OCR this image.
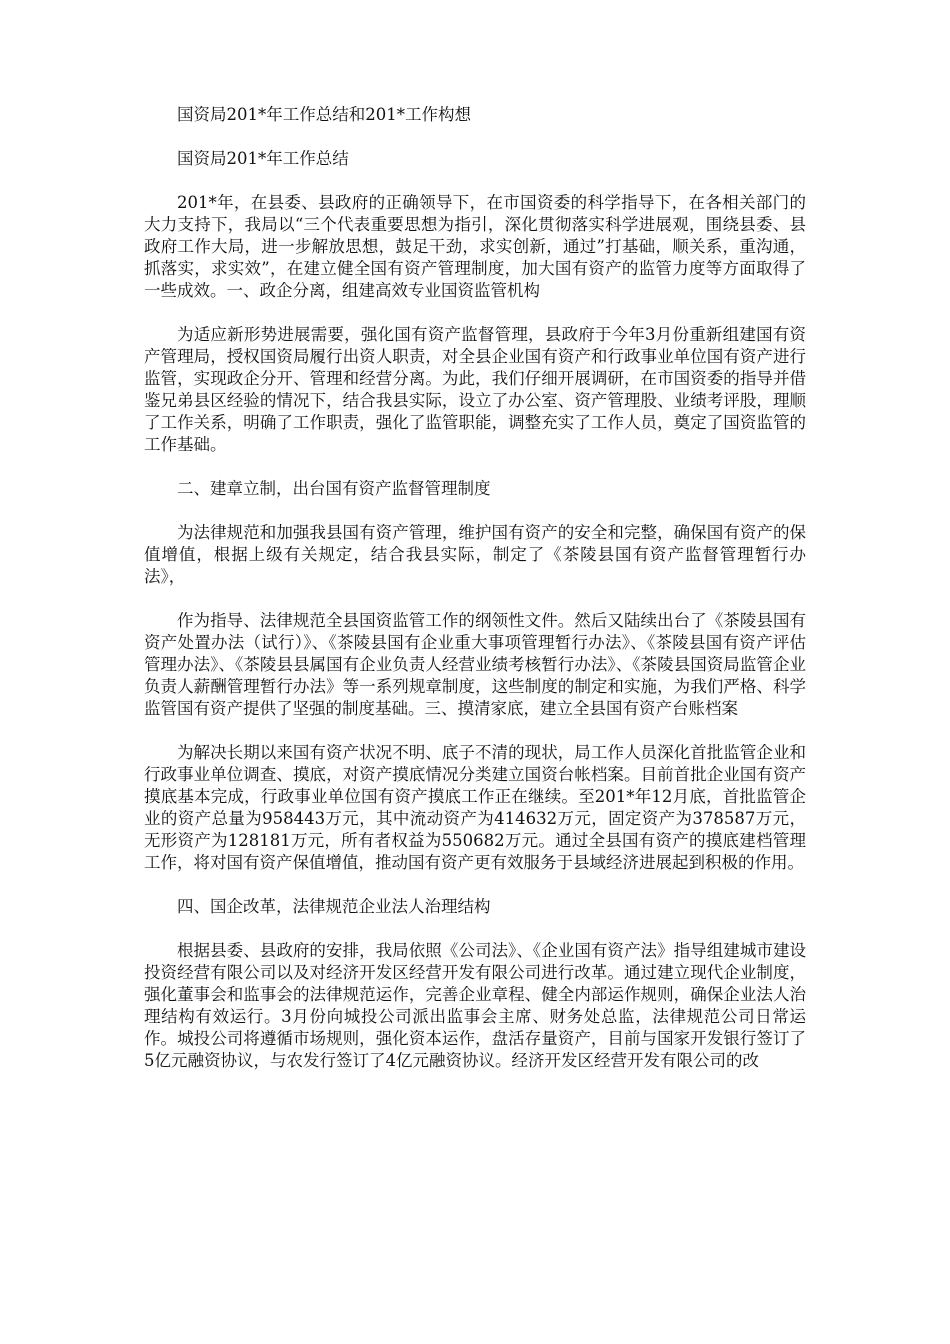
国资局201*年工作总结和201*工作构想

国资局201*年工作总结

201*年，在县委、县政府的正确领导下，在市国资委的科学指导下，在各相关部门的大力支持下，我局以“三个代表重要思想为指引，深化贯彻落实科学进展观，围绕县委、县政府工作大局，进一步解放思想，鼓足干劲，求实创新，通过”打基础，顺关系，重沟通，抓落实，求实效”，在建立健全国有资产管理制度，加大国有资产的监管力度等方面取得了一些成效。一、政企分离，组建高效专业国资监管机构

为适应新形势进展需要，强化国有资产监督管理，县政府于今年3月份重新组建国有资产管理局，授权国资局履行出资人职责，对全县企业国有资产和行政事业单位国有资产进行监管，实现政企分开、管理和经营分离。为此，我们仔细开展调研，在市国资委的指导并借鉴兄弟县区经验的情况下，结合我县实际，设立了办公室、资产管理股、业绩考评股，理顺了工作关系，明确了工作职责，强化了监管职能，调整充实了工作人员，奠定了国资监管的工作基础。

二、建章立制，出台国有资产监督管理制度

为法律规范和加强我县国有资产管理，维护国有资产的安全和完整，确保国有资产的保值增值，根据上级有关规定，结合我县实际，制定了《茶陵县国有资产监督管理暂行办法》，

作为指导、法律规范全县国资监管工作的纲领性文件。然后又陆续出台了《茶陵县国有资产处置办法（试行）》、《茶陵县国有企业重大事项管理暂行办法》、《茶陵县国有资产评估管理办法》、《茶陵县县属国有企业负责人经营业绩考核暂行办法》、《茶陵县国资局监管企业负责人薪酬管理暂行办法》等一系列规章制度，这些制度的制定和实施，为我们严格、科学监管国有资产提供了坚强的制度基础。三、摸清家底，建立全县国有资产台账档案

为解决长期以来国有资产状况不明、底子不清的现状，局工作人员深化首批监管企业和行政事业单位调查、摸底，对资产摸底情况分类建立国资台帐档案。目前首批企业国有资产摸底基本完成，行政事业单位国有资产摸底工作正在继续。至201*年12月底，首批监管企业的资产总量为958443万元，其中流动资产为414632万元，固定资产为378587万元，无形资产为128181万元，所有者权益为550682万元。通过全县国有资产的摸底建档管理工作，将对国有资产保值增值，推动国有资产更有效服务于县域经济进展起到积极的作用。

四、国企改革，法律规范企业法人治理结构

根据县委、县政府的安排，我局依照《公司法》、《企业国有资产法》指导组建城市建设投资经营有限公司以及对经济开发区经营开发有限公司进行改革。通过建立现代企业制度，强化董事会和监事会的法律规范运作，完善企业章程、健全内部运作规则，确保企业法人治理结构有效运行。3月份向城投公司派出监事会主席、财务处总监，法律规范公司日常运作。城投公司将遵循市场规则，强化资本运作，盘活存量资产，目前与国家开发银行签订了5亿元融资协议，与农发行签订了4亿元融资协议。经济开发区经营开发有限公司的改
